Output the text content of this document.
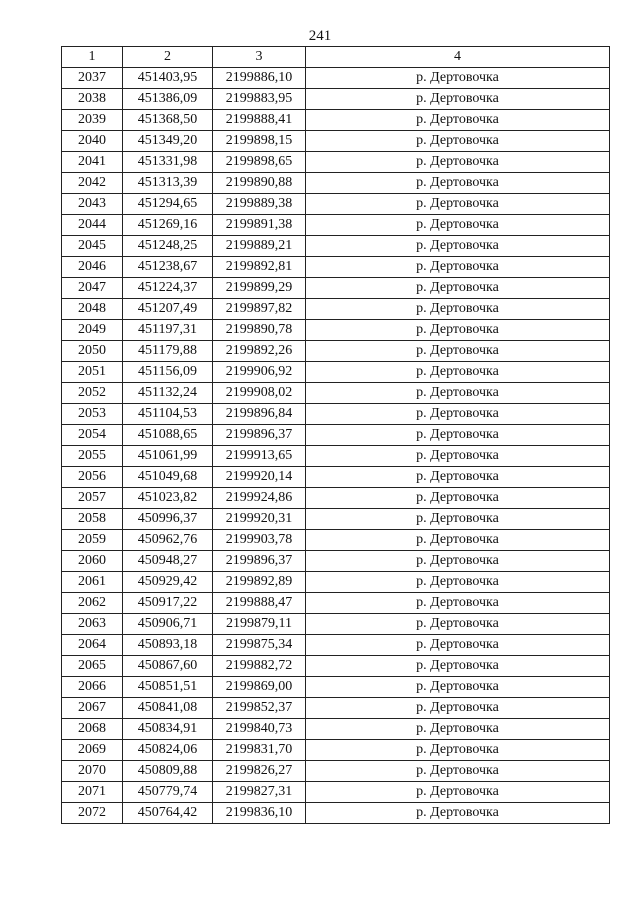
241
1	2	3	4
2037	451403,95	2199886,10	р. Дертовочка
2038	451386,09	2199883,95	р. Дертовочка
2039	451368,50	2199888,41	р. Дертовочка
2040	451349,20	2199898,15	р. Дертовочка
2041	451331,98	2199898,65	р. Дертовочка
2042	451313,39	2199890,88	р. Дертовочка
2043	451294,65	2199889,38	р. Дертовочка
2044	451269,16	2199891,38	р. Дертовочка
2045	451248,25	2199889,21	р. Дертовочка
2046	451238,67	2199892,81	р. Дертовочка
2047	451224,37	2199899,29	р. Дертовочка
2048	451207,49	2199897,82	р. Дертовочка
2049	451197,31	2199890,78	р. Дертовочка
2050	451179,88	2199892,26	р. Дертовочка
2051	451156,09	2199906,92	р. Дертовочка
2052	451132,24	2199908,02	р. Дертовочка
2053	451104,53	2199896,84	р. Дертовочка
2054	451088,65	2199896,37	р. Дертовочка
2055	451061,99	2199913,65	р. Дертовочка
2056	451049,68	2199920,14	р. Дертовочка
2057	451023,82	2199924,86	р. Дертовочка
2058	450996,37	2199920,31	р. Дертовочка
2059	450962,76	2199903,78	р. Дертовочка
2060	450948,27	2199896,37	р. Дертовочка
2061	450929,42	2199892,89	р. Дертовочка
2062	450917,22	2199888,47	р. Дертовочка
2063	450906,71	2199879,11	р. Дертовочка
2064	450893,18	2199875,34	р. Дертовочка
2065	450867,60	2199882,72	р. Дертовочка
2066	450851,51	2199869,00	р. Дертовочка
2067	450841,08	2199852,37	р. Дертовочка
2068	450834,91	2199840,73	р. Дертовочка
2069	450824,06	2199831,70	р. Дертовочка
2070	450809,88	2199826,27	р. Дертовочка
2071	450779,74	2199827,31	р. Дертовочка
2072	450764,42	2199836,10	р. Дертовочка
